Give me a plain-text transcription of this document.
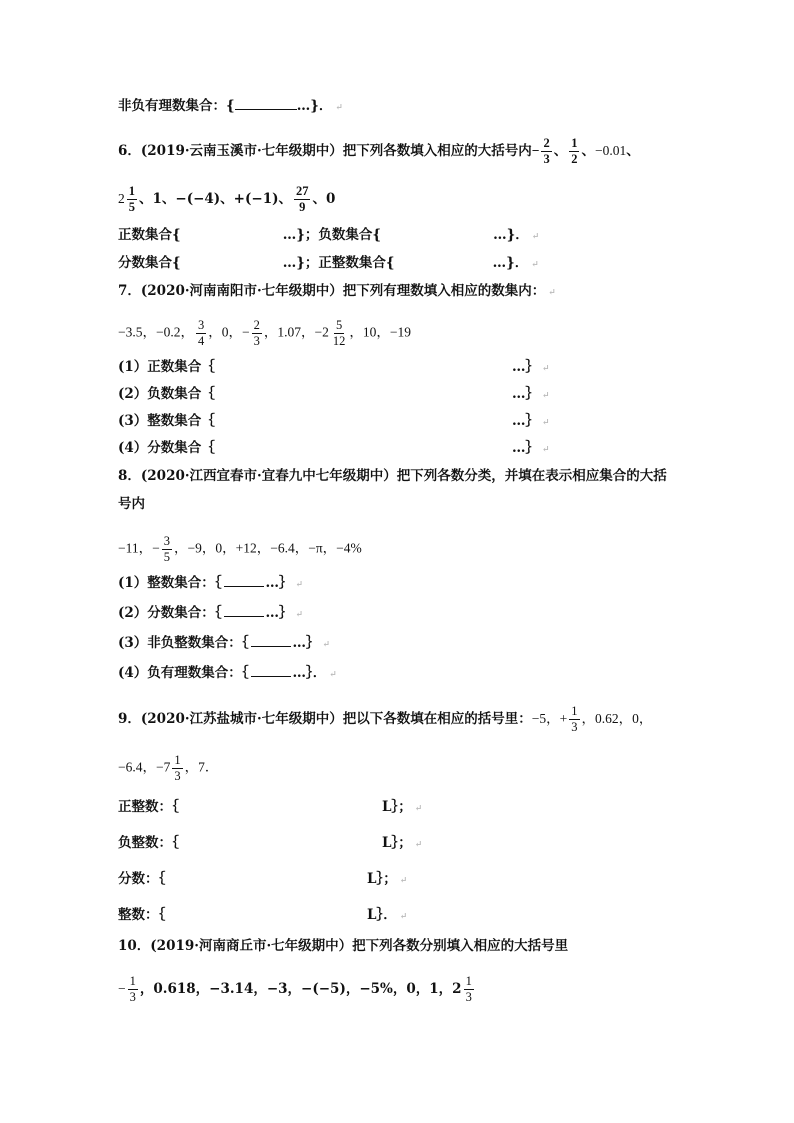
非负有理数集合：{	…}． ↵
6．(2019·云南玉溪市·七年级期中）把下列各数填入相应的大括号内− $\frac{2}{3}$ 、 $\frac{1}{2}$ 、−0.01、
$2 \frac{1}{5}$ 、1、−(−4)、+(−1)、 $\frac{27}{9}$ 、0
正数集合{	…}；负数集合{	…}． ↵
分数集合{	…}；正整数集合{	…}． ↵
7．(2020·河南南阳市·七年级期中）把下列有理数填入相应的数集内： ↵
−3.5，−0.2， $\frac{3}{4}$ ，0，− $\frac{2}{3}$ ，1.07，$-2 \frac{5}{12}$ ，10，−19
(1）正数集合｛	…｝ ↵
(2）负数集合｛	…｝ ↵
(3）整数集合｛	…｝ ↵
(4）分数集合｛	…｝ ↵
8．(2020·江西宜春市·宜春九中七年级期中）把下列各数分类，并填在表示相应集合的大括
号内
−11，− $\frac{3}{5}$ ，−9，0，+12，−6.4，−π，−4%
(1）整数集合：｛	…｝ ↵
(2）分数集合：｛	…｝ ↵
(3）非负整数集合：｛	…｝ ↵
(4）负有理数集合：｛	…｝． ↵
9．(2020·江苏盐城市·七年级期中）把以下各数填在相应的括号里：−5，+ $\frac{1}{3}$ ，0.62，0，
−6.4，$-7 \frac{1}{3}$ ，7．
正整数：｛	L｝； ↵
负整数：｛	L｝； ↵
分数：｛	L｝； ↵
整数：｛	L｝． ↵
10．(2019·河南商丘市·七年级期中）把下列各数分别填入相应的大括号里
− $\frac{1}{3}$ ，0.618，−3.14，−3，−(−5)，−5%，0，1，$2 \frac{1}{3}$
